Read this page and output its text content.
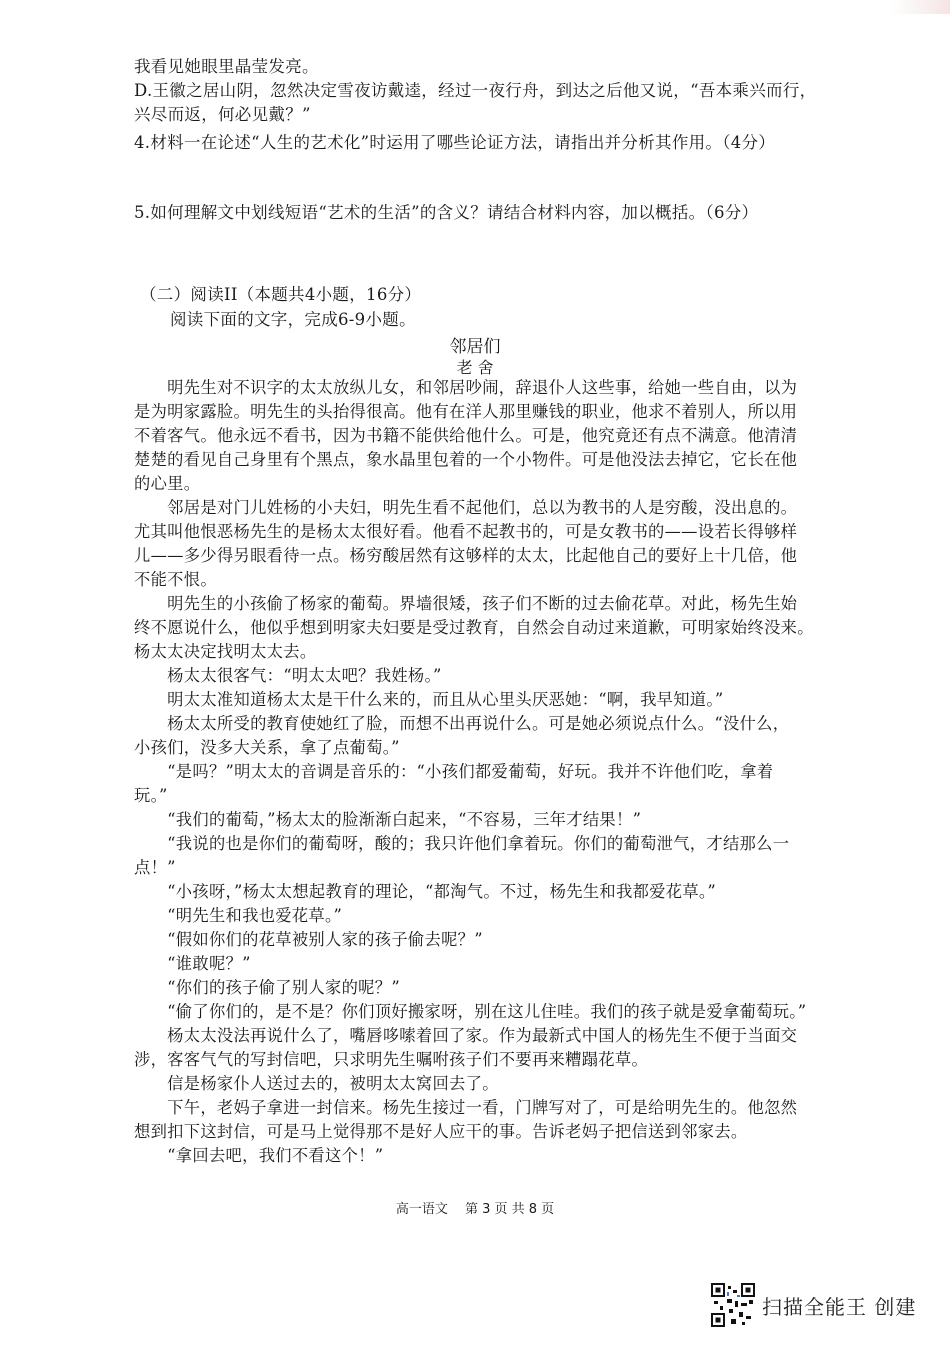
我看见她眼里晶莹发亮。
D.王徽之居山阴，忽然决定雪夜访戴逵，经过一夜行舟，到达之后他又说，“吾本乘兴而行，
兴尽而返，何必见戴？”
4.材料一在论述“人生的艺术化”时运用了哪些论证方法，请指出并分析其作用。（4分）
5.如何理解文中划线短语“艺术的生活”的含义？请结合材料内容，加以概括。（6分）
（二）阅读II（本题共4小题，16分）
阅读下面的文字，完成6-9小题。
邻居们
老 舍
　　明先生对不识字的太太放纵儿女，和邻居吵闹，辞退仆人这些事，给她一些自由，以为
是为明家露脸。明先生的头抬得很高。他有在洋人那里赚钱的职业，他求不着别人，所以用
不着客气。他永远不看书，因为书籍不能供给他什么。可是，他究竟还有点不满意。他清清
楚楚的看见自己身里有个黑点，象水晶里包着的一个小物件。可是他没法去掉它，它长在他
的心里。
　　邻居是对门儿姓杨的小夫妇，明先生看不起他们，总以为教书的人是穷酸，没出息的。
尤其叫他恨恶杨先生的是杨太太很好看。他看不起教书的，可是女教书的——设若长得够样
儿——多少得另眼看待一点。杨穷酸居然有这够样的太太，比起他自己的要好上十几倍，他
不能不恨。
　　明先生的小孩偷了杨家的葡萄。界墙很矮，孩子们不断的过去偷花草。对此，杨先生始
终不愿说什么，他似乎想到明家夫妇要是受过教育，自然会自动过来道歉，可明家始终没来。
杨太太决定找明太太去。
　　杨太太很客气：“明太太吧？我姓杨。”
　　明太太准知道杨太太是干什么来的，而且从心里头厌恶她：“啊，我早知道。”
　　杨太太所受的教育使她红了脸，而想不出再说什么。可是她必须说点什么。“没什么，
小孩们，没多大关系，拿了点葡萄。”
　　“是吗？”明太太的音调是音乐的：“小孩们都爱葡萄，好玩。我并不许他们吃，拿着
玩。”
　　“我们的葡萄，”杨太太的脸渐渐白起来，“不容易，三年才结果！”
　　“我说的也是你们的葡萄呀，酸的；我只许他们拿着玩。你们的葡萄泄气，才结那么一
点！”
　　“小孩呀，”杨太太想起教育的理论，“都淘气。不过，杨先生和我都爱花草。”
　　“明先生和我也爱花草。”
　　“假如你们的花草被别人家的孩子偷去呢？”
　　“谁敢呢？”
　　“你们的孩子偷了别人家的呢？”
　　“偷了你们的，是不是？你们顶好搬家呀，别在这儿住哇。我们的孩子就是爱拿葡萄玩。”
　　杨太太没法再说什么了，嘴唇哆嗦着回了家。作为最新式中国人的杨先生不便于当面交
涉，客客气气的写封信吧，只求明先生嘱咐孩子们不要再来糟蹋花草。
　　信是杨家仆人送过去的，被明太太窝回去了。
　　下午，老妈子拿进一封信来。杨先生接过一看，门牌写对了，可是给明先生的。他忽然
想到扣下这封信，可是马上觉得那不是好人应干的事。告诉老妈子把信送到邻家去。
　　“拿回去吧，我们不看这个！”
高一语文　 第 3 页 共 8 页
扫描全能王 创建
